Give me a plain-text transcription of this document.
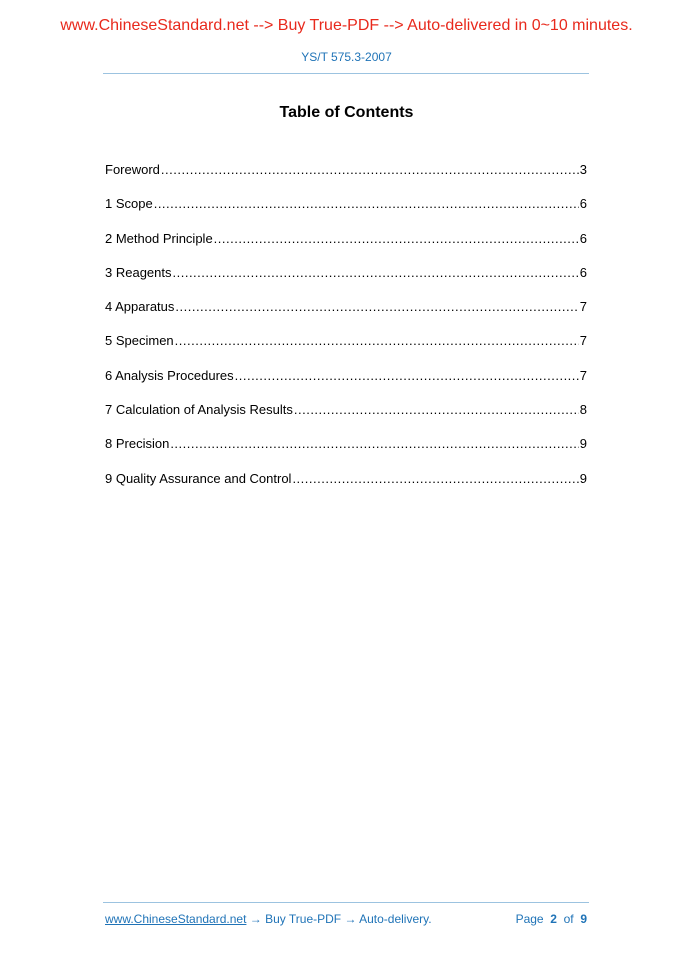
www.ChineseStandard.net --> Buy True-PDF --> Auto-delivered in 0~10 minutes.
YS/T 575.3-2007
Table of Contents
Foreword .....	3
1 Scope .....	6
2 Method Principle .....	6
3 Reagents .....	6
4 Apparatus .....	7
5 Specimen .....	7
6 Analysis Procedures .....	7
7 Calculation of Analysis Results .....	8
8 Precision .....	9
9 Quality Assurance and Control .....	9
www.ChineseStandard.net → Buy True-PDF → Auto-delivery.	Page 2 of 9
